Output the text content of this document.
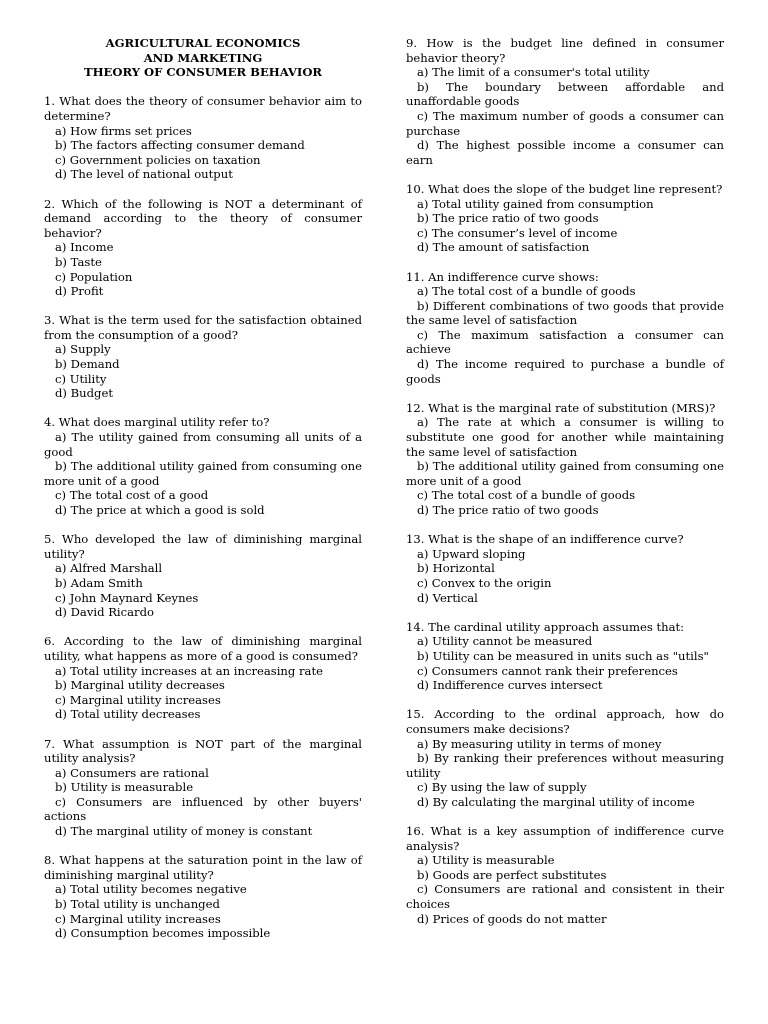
AGRICULTURAL ECONOMICS
AND MARKETING
THEORY OF CONSUMER BEHAVIOR
1. What does the theory of consumer behavior aim to determine?
a) How firms set prices
b) The factors affecting consumer demand
c) Government policies on taxation
d) The level of national output
2. Which of the following is NOT a determinant of demand according to the theory of consumer behavior?
a) Income
b) Taste
c) Population
d) Profit
3. What is the term used for the satisfaction obtained from the consumption of a good?
a) Supply
b) Demand
c) Utility
d) Budget
4. What does marginal utility refer to?
a) The utility gained from consuming all units of a good
b) The additional utility gained from consuming one more unit of a good
c) The total cost of a good
d) The price at which a good is sold
5. Who developed the law of diminishing marginal utility?
a) Alfred Marshall
b) Adam Smith
c) John Maynard Keynes
d) David Ricardo
6. According to the law of diminishing marginal utility, what happens as more of a good is consumed?
a) Total utility increases at an increasing rate
b) Marginal utility decreases
c) Marginal utility increases
d) Total utility decreases
7. What assumption is NOT part of the marginal utility analysis?
a) Consumers are rational
b) Utility is measurable
c) Consumers are influenced by other buyers' actions
d) The marginal utility of money is constant
8. What happens at the saturation point in the law of diminishing marginal utility?
a) Total utility becomes negative
b) Total utility is unchanged
c) Marginal utility increases
d) Consumption becomes impossible
9. How is the budget line defined in consumer behavior theory?
a) The limit of a consumer's total utility
b) The boundary between affordable and unaffordable goods
c) The maximum number of goods a consumer can purchase
d) The highest possible income a consumer can earn
10. What does the slope of the budget line represent?
a) Total utility gained from consumption
b) The price ratio of two goods
c) The consumer’s level of income
d) The amount of satisfaction
11. An indifference curve shows:
a) The total cost of a bundle of goods
b) Different combinations of two goods that provide the same level of satisfaction
c) The maximum satisfaction a consumer can achieve
d) The income required to purchase a bundle of goods
12. What is the marginal rate of substitution (MRS)?
a) The rate at which a consumer is willing to substitute one good for another while maintaining the same level of satisfaction
b) The additional utility gained from consuming one more unit of a good
c) The total cost of a bundle of goods
d) The price ratio of two goods
13. What is the shape of an indifference curve?
a) Upward sloping
b) Horizontal
c) Convex to the origin
d) Vertical
14. The cardinal utility approach assumes that:
a) Utility cannot be measured
b) Utility can be measured in units such as "utils"
c) Consumers cannot rank their preferences
d) Indifference curves intersect
15. According to the ordinal approach, how do consumers make decisions?
a) By measuring utility in terms of money
b) By ranking their preferences without measuring utility
c) By using the law of supply
d) By calculating the marginal utility of income
16. What is a key assumption of indifference curve analysis?
a) Utility is measurable
b) Goods are perfect substitutes
c) Consumers are rational and consistent in their choices
d) Prices of goods do not matter
